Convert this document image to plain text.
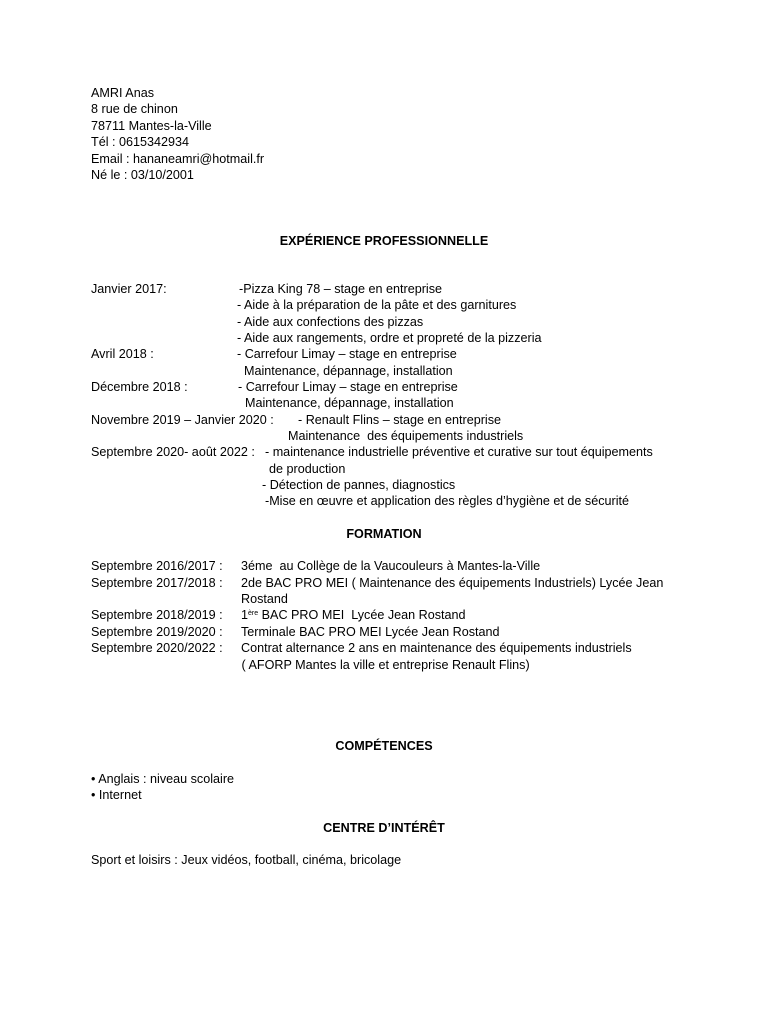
AMRI Anas
8 rue de chinon
78711 Mantes-la-Ville
Tél : 0615342934
Email : hananeamri@hotmail.fr
Né le : 03/10/2001
EXPÉRIENCE PROFESSIONNELLE
Janvier 2017:	-Pizza King 78 – stage en entreprise
- Aide à la préparation de la pâte et des garnitures
- Aide aux confections des pizzas
- Aide aux rangements, ordre et propreté de la pizzeria
Avril 2018 :	- Carrefour Limay – stage en entreprise
Maintenance, dépannage, installation
Décembre 2018 :	- Carrefour Limay – stage en entreprise
Maintenance, dépannage, installation
Novembre 2019 – Janvier 2020 : - Renault Flins – stage en entreprise
Maintenance  des équipements industriels
Septembre 2020- août 2022 : - maintenance industrielle préventive et curative sur tout équipements
de production
- Détection de pannes, diagnostics
-Mise en œuvre et application des règles d’hygiène et de sécurité
FORMATION
Septembre 2016/2017 : 3éme  au Collège de la Vaucouleurs à Mantes-la-Ville
Septembre 2017/2018 : 2de BAC PRO MEI ( Maintenance des équipements Industriels) Lycée Jean
Rostand
Septembre 2018/2019 : 1ère BAC PRO MEI  Lycée Jean Rostand
Septembre 2019/2020 : Terminale BAC PRO MEI Lycée Jean Rostand
Septembre 2020/2022 : Contrat alternance 2 ans en maintenance des équipements industriels
( AFORP Mantes la ville et entreprise Renault Flins)
COMPÉTENCES
• Anglais : niveau scolaire
• Internet
CENTRE D’INTÉRÊT
Sport et loisirs : Jeux vidéos, football, cinéma, bricolage
